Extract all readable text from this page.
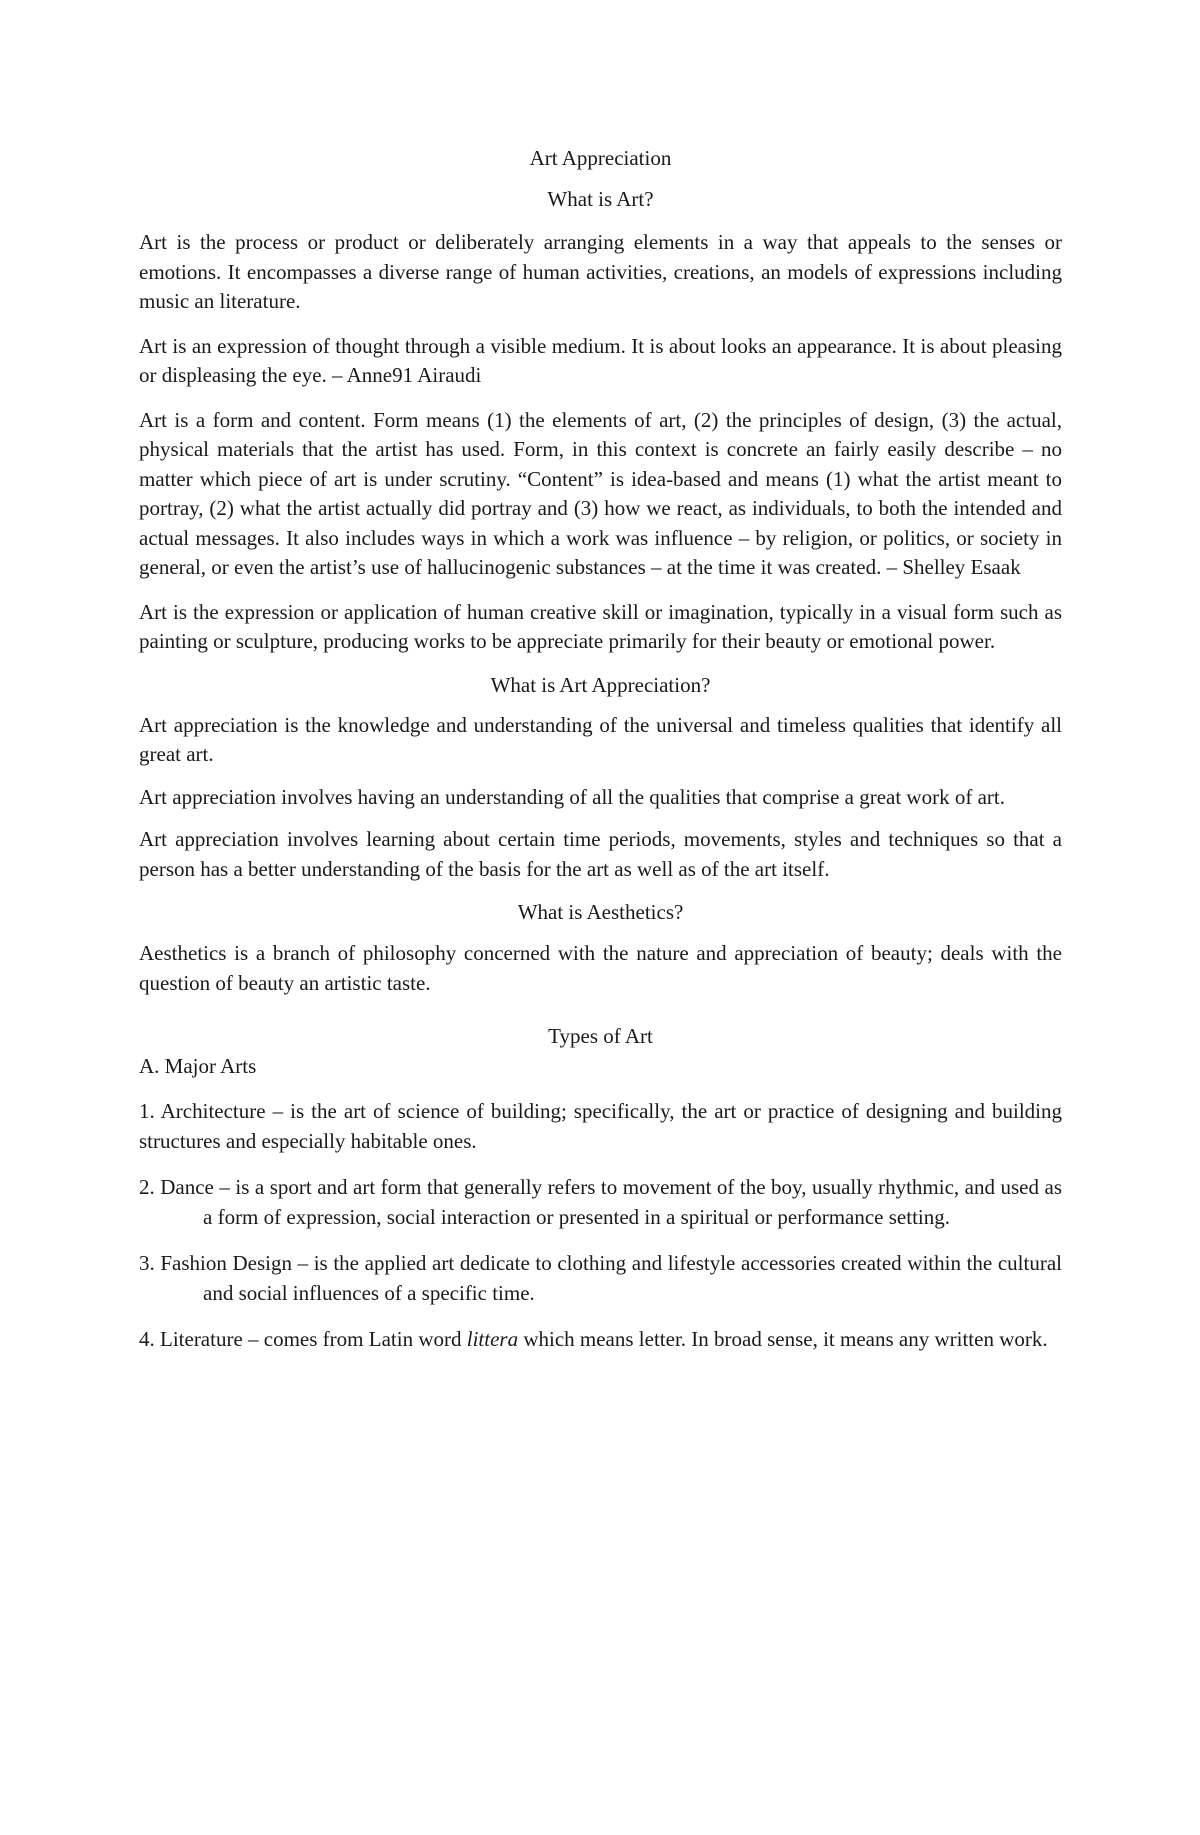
Art Appreciation
What is Art?

Art is the process or product or deliberately arranging elements in a way that appeals to the senses or emotions. It encompasses a diverse range of human activities, creations, an models of expressions including music an literature.

Art is an expression of thought through a visible medium. It is about looks an appearance. It is about pleasing or displeasing the eye. – Anne91 Airaudi

Art is a form and content. Form means (1) the elements of art, (2) the principles of design, (3) the actual, physical materials that the artist has used. Form, in this context is concrete an fairly easily describe – no matter which piece of art is under scrutiny. “Content” is idea-based and means (1) what the artist meant to portray, (2) what the artist actually did portray and (3) how we react, as individuals, to both the intended and actual messages. It also includes ways in which a work was influence – by religion, or politics, or society in general, or even the artist’s use of hallucinogenic substances – at the time it was created. – Shelley Esaak

Art is the expression or application of human creative skill or imagination, typically in a visual form such as painting or sculpture, producing works to be appreciate primarily for their beauty or emotional power.

What is Art Appreciation?

Art appreciation is the knowledge and understanding of the universal and timeless qualities that identify all great art.

Art appreciation involves having an understanding of all the qualities that comprise a great work of art.

Art appreciation involves learning about certain time periods, movements, styles and techniques so that a person has a better understanding of the basis for the art as well as of the art itself.

What is Aesthetics?

Aesthetics is a branch of philosophy concerned with the nature and appreciation of beauty; deals with the question of beauty an artistic taste.

Types of Art

A. Major Arts

1. Architecture – is the art of science of building; specifically, the art or practice of designing and building structures and especially habitable ones.

2. Dance – is a sport and art form that generally refers to movement of the boy, usually rhythmic, and used as a form of expression, social interaction or presented in a spiritual or performance setting.

3. Fashion Design – is the applied art dedicate to clothing and lifestyle accessories created within the cultural and social influences of a specific time.

4. Literature – comes from Latin word littera which means letter. In broad sense, it means any written work.
